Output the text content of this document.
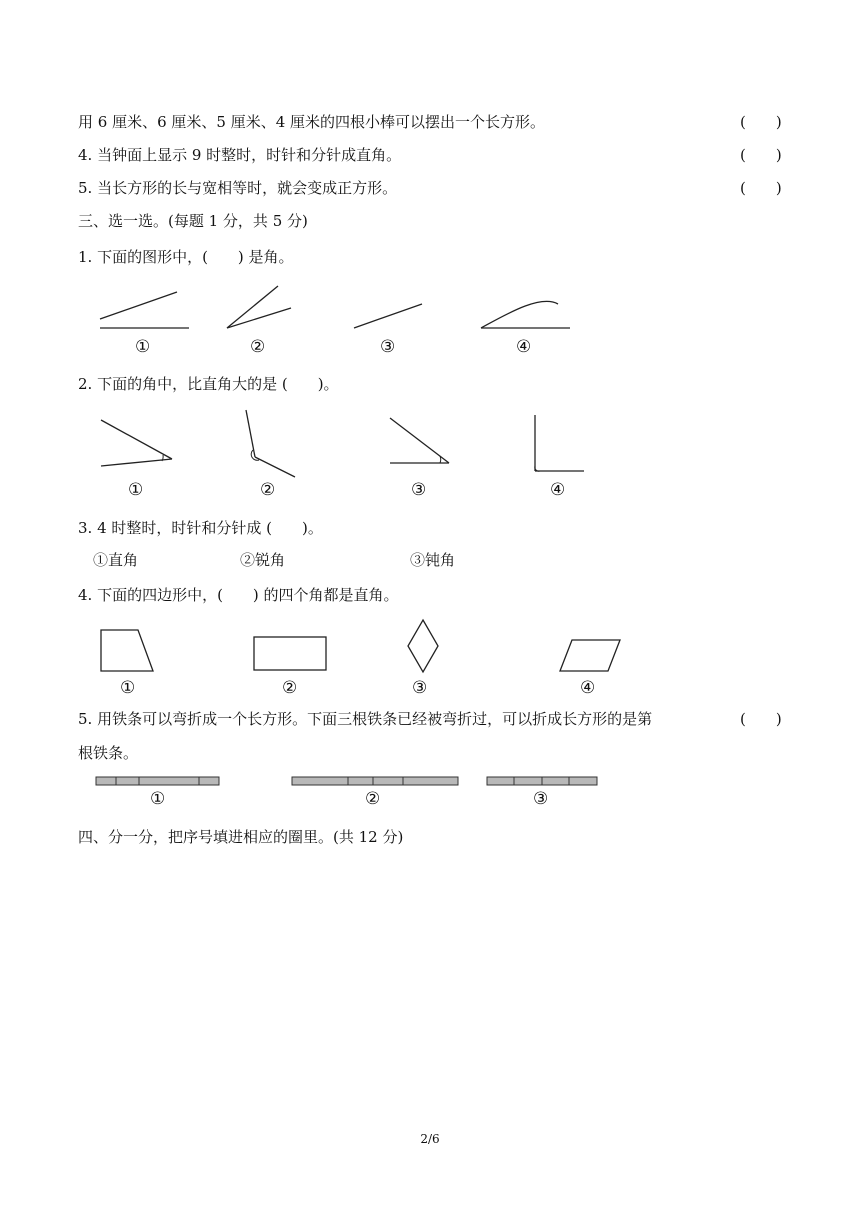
用 6 厘米、6 厘米、5 厘米、4 厘米的四根小棒可以摆出一个长方形。	(　　)
4. 当钟面上显示 9 时整时，时针和分针成直角。	(　　)
5. 当长方形的长与宽相等时，就会变成正方形。	(　　)
三、选一选。(每题 1 分，共 5 分)
1. 下面的图形中，(　　) 是角。
①	②	③	④
2. 下面的角中，比直角大的是 (　　)。
①	②	③	④
3. 4 时整时，时针和分针成 (　　)。
①直角	②锐角	③钝角
4. 下面的四边形中，(　　) 的四个角都是直角。
①	②	③	④
5. 用铁条可以弯折成一个长方形。下面三根铁条已经被弯折过，可以折成长方形的是第	(　　)
根铁条。
①	②	③
四、分一分，把序号填进相应的圈里。(共 12 分)
2/6
